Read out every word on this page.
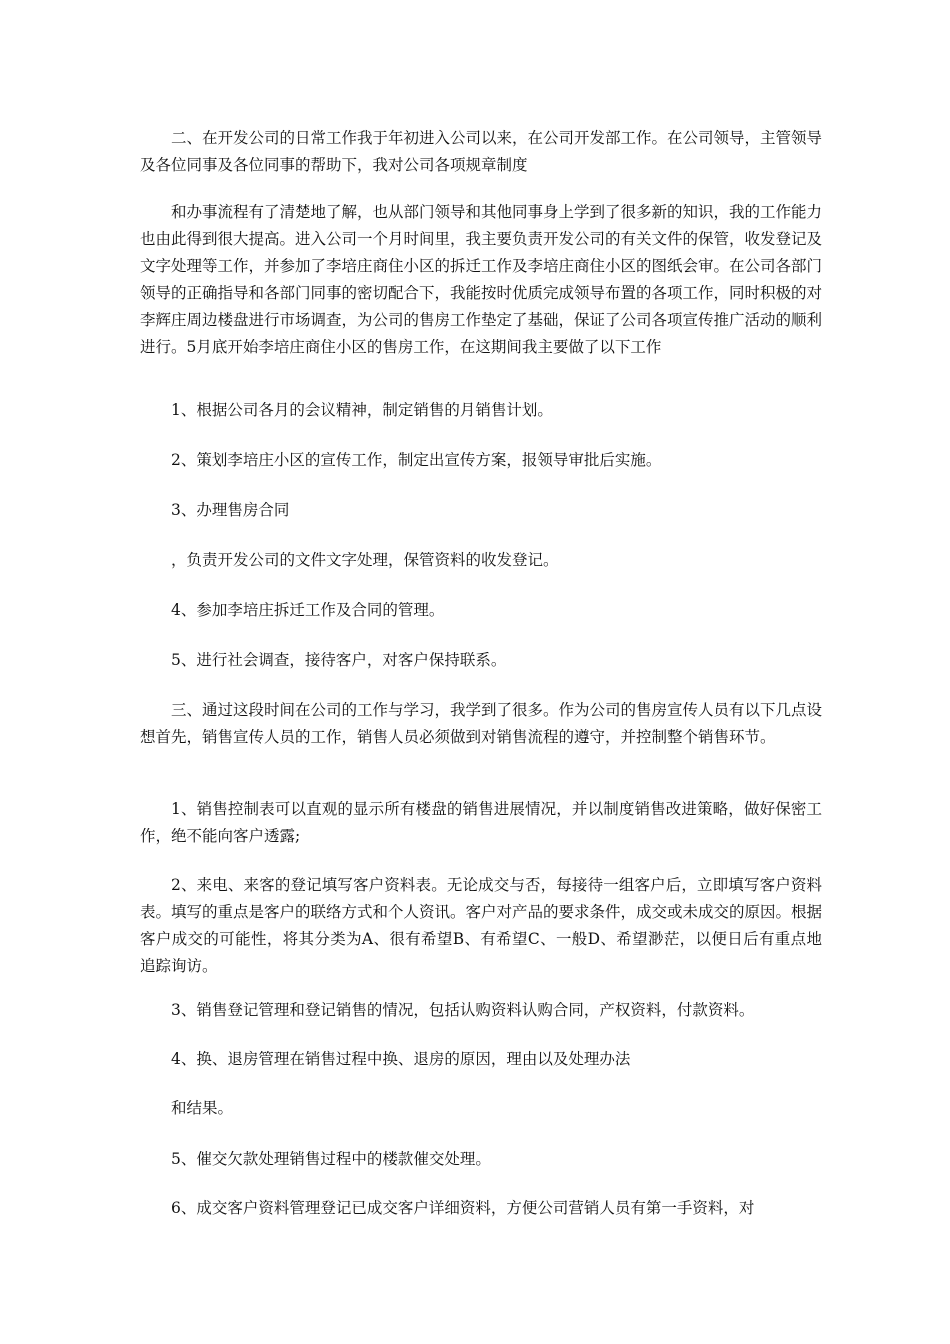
二、在开发公司的日常工作我于年初进入公司以来，在公司开发部工作。在公司领导，主管领导及各位同事及各位同事的帮助下，我对公司各项规章制度

和办事流程有了清楚地了解，也从部门领导和其他同事身上学到了很多新的知识，我的工作能力也由此得到很大提高。进入公司一个月时间里，我主要负责开发公司的有关文件的保管，收发登记及文字处理等工作，并参加了李培庄商住小区的拆迁工作及李培庄商住小区的图纸会审。在公司各部门领导的正确指导和各部门同事的密切配合下，我能按时优质完成领导布置的各项工作，同时积极的对李辉庄周边楼盘进行市场调查，为公司的售房工作垫定了基础，保证了公司各项宣传推广活动的顺利进行。5月底开始李培庄商住小区的售房工作，在这期间我主要做了以下工作

1、根据公司各月的会议精神，制定销售的月销售计划。

2、策划李培庄小区的宣传工作，制定出宣传方案，报领导审批后实施。

3、办理售房合同

，负责开发公司的文件文字处理，保管资料的收发登记。

4、参加李培庄拆迁工作及合同的管理。

5、进行社会调查，接待客户，对客户保持联系。

三、通过这段时间在公司的工作与学习，我学到了很多。作为公司的售房宣传人员有以下几点设想首先，销售宣传人员的工作，销售人员必须做到对销售流程的遵守，并控制整个销售环节。

1、销售控制表可以直观的显示所有楼盘的销售进展情况，并以制度销售改进策略，做好保密工作，绝不能向客户透露;

2、来电、来客的登记填写客户资料表。无论成交与否，每接待一组客户后，立即填写客户资料表。填写的重点是客户的联络方式和个人资讯。客户对产品的要求条件，成交或未成交的原因。根据客户成交的可能性，将其分类为A、很有希望B、有希望C、一般D、希望渺茫，以便日后有重点地追踪询访。

3、销售登记管理和登记销售的情况，包括认购资料认购合同，产权资料，付款资料。

4、换、退房管理在销售过程中换、退房的原因，理由以及处理办法

和结果。

5、催交欠款处理销售过程中的楼款催交处理。

6、成交客户资料管理登记已成交客户详细资料，方便公司营销人员有第一手资料，对
